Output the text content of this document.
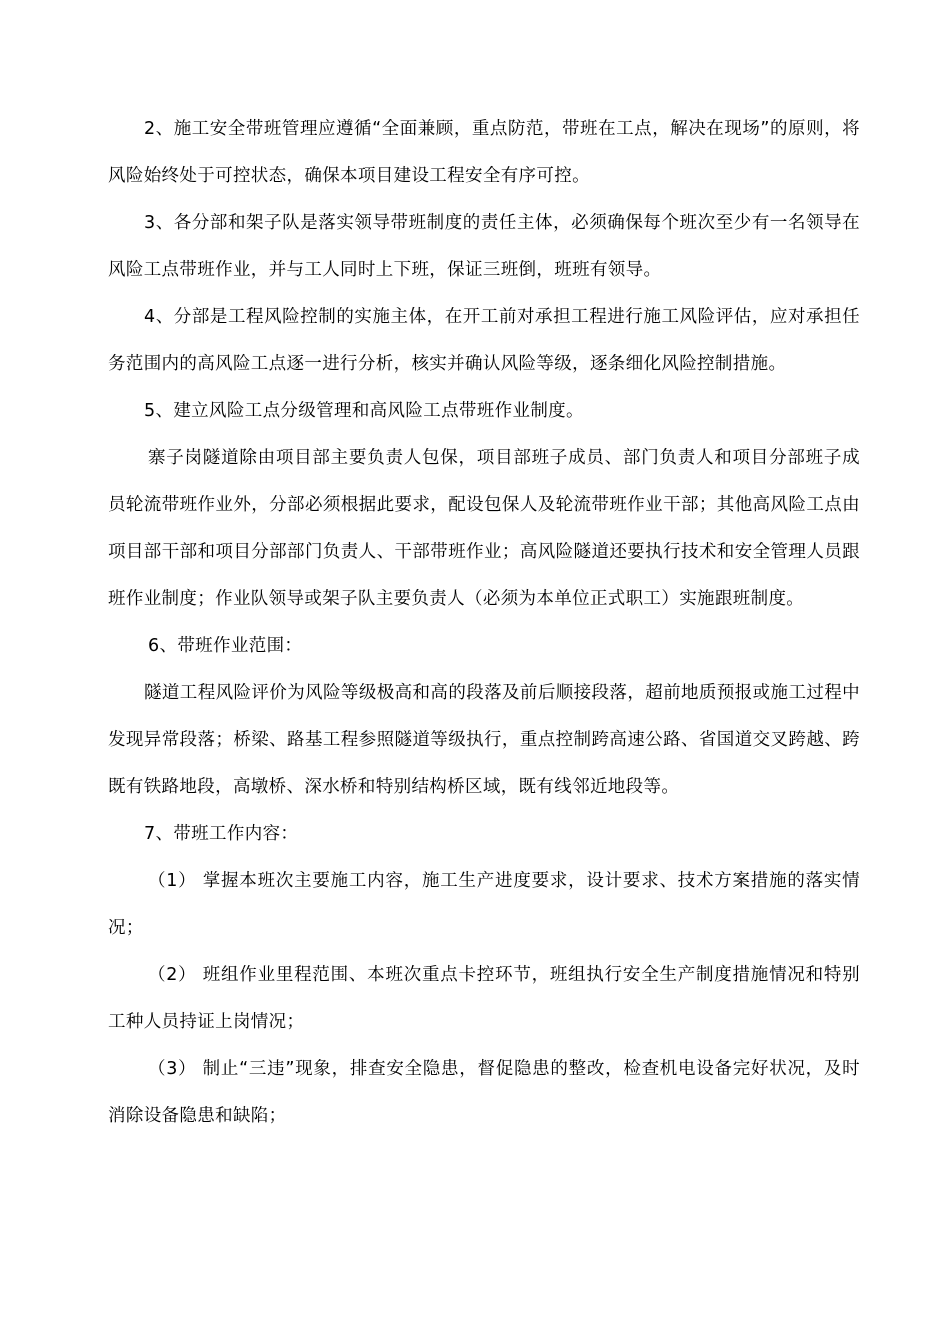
2、施工安全带班管理应遵循“全面兼顾，重点防范，带班在工点，解决在现场”的原则，将风险始终处于可控状态，确保本项目建设工程安全有序可控。

3、各分部和架子队是落实领导带班制度的责任主体，必须确保每个班次至少有一名领导在风险工点带班作业，并与工人同时上下班，保证三班倒，班班有领导。

4、分部是工程风险控制的实施主体，在开工前对承担工程进行施工风险评估，应对承担任务范围内的高风险工点逐一进行分析，核实并确认风险等级，逐条细化风险控制措施。

5、建立风险工点分级管理和高风险工点带班作业制度。

寨子岗隧道除由项目部主要负责人包保，项目部班子成员、部门负责人和项目分部班子成员轮流带班作业外，分部必须根据此要求，配设包保人及轮流带班作业干部；其他高风险工点由项目部干部和项目分部部门负责人、干部带班作业；高风险隧道还要执行技术和安全管理人员跟班作业制度；作业队领导或架子队主要负责人（必须为本单位正式职工）实施跟班制度。

6、带班作业范围：

隧道工程风险评价为风险等级极高和高的段落及前后顺接段落，超前地质预报或施工过程中发现异常段落；桥梁、路基工程参照隧道等级执行，重点控制跨高速公路、省国道交叉跨越、跨既有铁路地段，高墩桥、深水桥和特别结构桥区域，既有线邻近地段等。

7、带班工作内容：

（1） 掌握本班次主要施工内容，施工生产进度要求，设计要求、技术方案措施的落实情况；

（2） 班组作业里程范围、本班次重点卡控环节，班组执行安全生产制度措施情况和特别工种人员持证上岗情况；

（3） 制止“三违”现象，排查安全隐患，督促隐患的整改，检查机电设备完好状况，及时消除设备隐患和缺陷；
